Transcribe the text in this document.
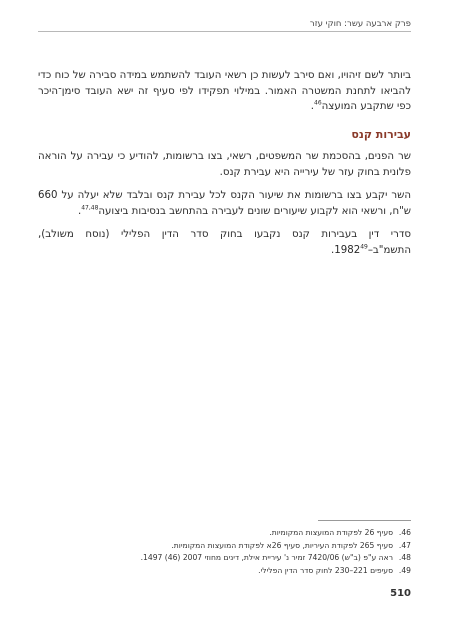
פרק ארבעה עשר: חוקי עזר

ביותר לשם זיהויו, ואם סירב לעשות כן רשאי העובד להשתמש במידה סבירה של כוח כדי להביאו לתחנת המשטרה האמור. במילוי תפקידו לפי סעיף זה ישא העובד סימן־היכר כפי שתקבע המועצה$^{46}$.

עבירות קנס

שר הפנים, בהסכמת שר המשפטים, רשאי, בצו ברשומות, להודיע כי עבירה על הוראה פלונית בחוק עזר של עירייה היא עבירת קנס.

השר יקבע בצו ברשומות את שיעור הקנס לכל עבירת קנס ובלבד שלא יעלה על 660 ש"ח, ורשאי הוא לקבוע שיעורים שונים לעבירה בהתחשב בנסיבות ביצועה$^{47,48}$.

סדרי דין בעבירות קנס נקבעו בחוק סדר הדין הפלילי (נוסח משולב), התשמ"ב–1982$^{49}$.

46.
סעיף 26 לפקודת המועצות המקומיות.
47.
סעיף 265 לפקודת העיריות, סעיף 26א לפקודת המועצות המקומיות.
48.
ראה ע"פ (ב"ש) 7420/06 זמיר נ' עיריית אילת, דינים מחוזי 2007 (46) 1497.
49.
סעיפים 221–230 לחוק סדר הדין הפלילי.
510
